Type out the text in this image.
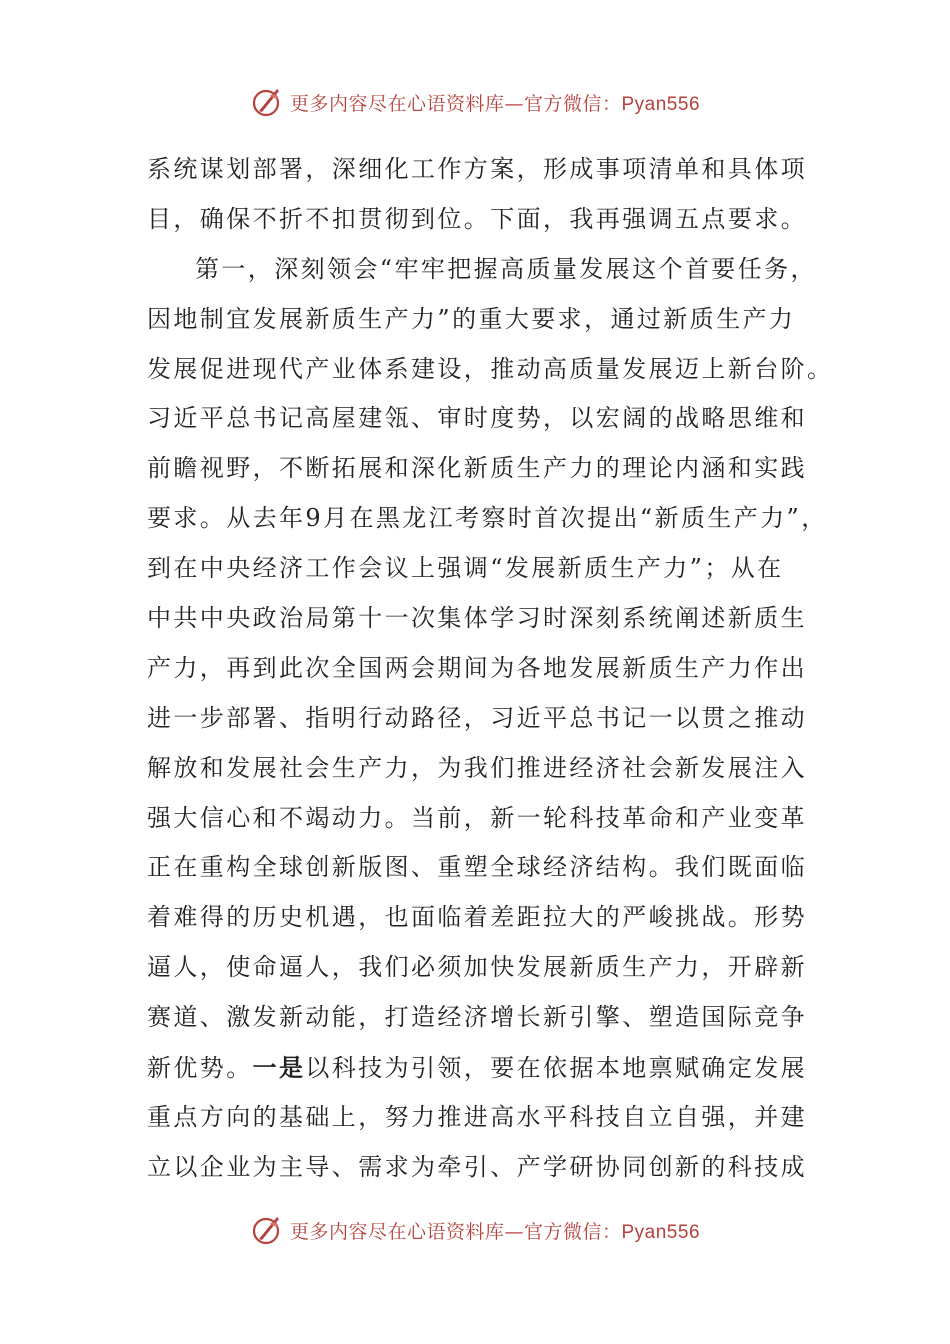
更多内容尽在心语资料库—官方微信：Pyan556
系统谋划部署，深细化工作方案，形成事项清单和具体项
目，确保不折不扣贯彻到位。下面，我再强调五点要求。
第一，深刻领会“牢牢把握高质量发展这个首要任务，
因地制宜发展新质生产力”的重大要求，通过新质生产力
发展促进现代产业体系建设，推动高质量发展迈上新台阶。
习近平总书记高屋建瓴、审时度势，以宏阔的战略思维和
前瞻视野，不断拓展和深化新质生产力的理论内涵和实践
要求。从去年9月在黑龙江考察时首次提出“新质生产力”，
到在中央经济工作会议上强调“发展新质生产力”；从在
中共中央政治局第十一次集体学习时深刻系统阐述新质生
产力，再到此次全国两会期间为各地发展新质生产力作出
进一步部署、指明行动路径，习近平总书记一以贯之推动
解放和发展社会生产力，为我们推进经济社会新发展注入
强大信心和不竭动力。当前，新一轮科技革命和产业变革
正在重构全球创新版图、重塑全球经济结构。我们既面临
着难得的历史机遇，也面临着差距拉大的严峻挑战。形势
逼人，使命逼人，我们必须加快发展新质生产力，开辟新
赛道、激发新动能，打造经济增长新引擎、塑造国际竞争
新优势。一是以科技为引领，要在依据本地禀赋确定发展
重点方向的基础上，努力推进高水平科技自立自强，并建
立以企业为主导、需求为牵引、产学研协同创新的科技成
更多内容尽在心语资料库—官方微信：Pyan556
